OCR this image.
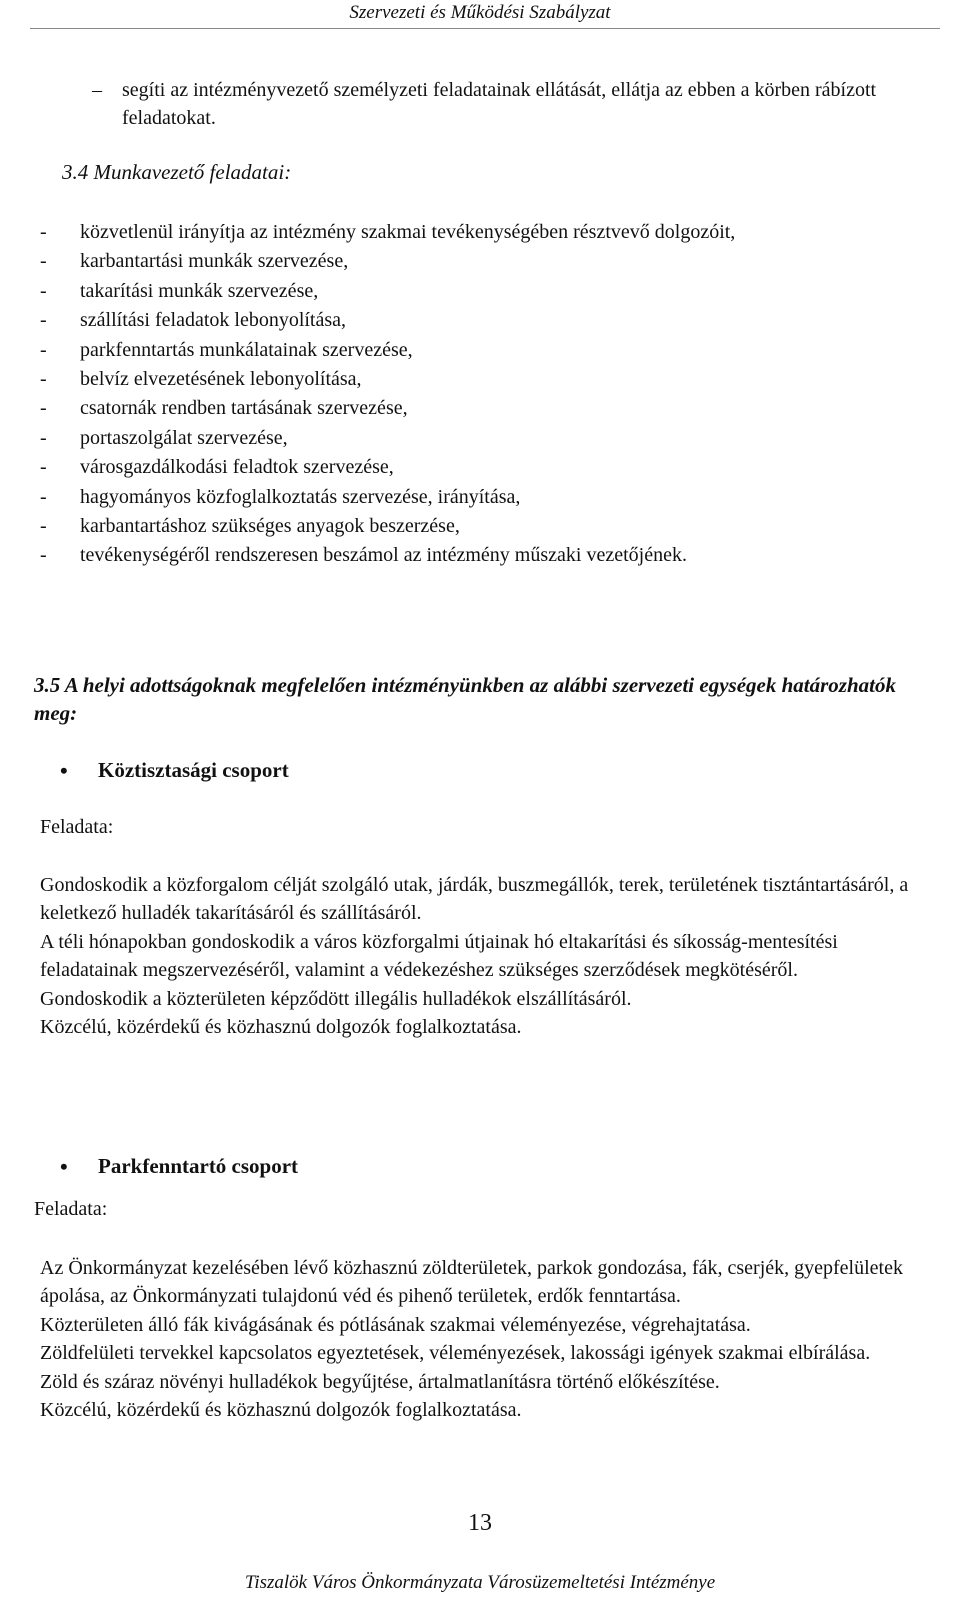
Szervezeti és Működési Szabályzat
– segíti az intézményvezető személyzeti feladatainak ellátását, ellátja az ebben a körben rábízott feladatokat.
3.4 Munkavezető feladatai:
- közvetlenül irányítja az intézmény szakmai tevékenységében résztvevő dolgozóit,
- karbantartási munkák szervezése,
- takarítási munkák szervezése,
- szállítási feladatok lebonyolítása,
- parkfenntartás munkálatainak szervezése,
- belvíz elvezetésének lebonyolítása,
- csatornák rendben tartásának szervezése,
- portaszolgálat szervezése,
- városgazdálkodási feladtok szervezése,
- hagyományos közfoglalkoztatás szervezése, irányítása,
- karbantartáshoz szükséges anyagok beszerzése,
- tevékenységéről rendszeresen beszámol az intézmény műszaki vezetőjének.
3.5 A helyi adottságoknak megfelelően intézményünkben az alábbi szervezeti egységek határozhatók meg:
• Köztisztasági csoport
Feladata:

Gondoskodik a közforgalom célját szolgáló utak, járdák, buszmegállók, terek, területének tisztántartásáról, a keletkező hulladék takarításáról és szállításáról.

A téli hónapokban gondoskodik a város közforgalmi útjainak hó eltakarítási és síkosság-mentesítési feladatainak megszervezéséről, valamint a védekezéshez szükséges szerződések megkötéséről.

Gondoskodik a közterületen képződött illegális hulladékok elszállításáról.

Közcélú, közérdekű és közhasznú dolgozók foglalkoztatása.

• Parkfenntartó csoport
Feladata:

Az Önkormányzat kezelésében lévő közhasznú zöldterületek, parkok gondozása, fák, cserjék, gyepfelületek ápolása, az Önkormányzati tulajdonú véd és pihenő területek, erdők fenntartása.

Közterületen álló fák kivágásának és pótlásának szakmai véleményezése, végrehajtatása.

Zöldfelületi tervekkel kapcsolatos egyeztetések, véleményezések, lakossági igények szakmai elbírálása.

Zöld és száraz növényi hulladékok begyűjtése, ártalmatlanításra történő előkészítése.

Közcélú, közérdekű és közhasznú dolgozók foglalkoztatása.

13
Tiszalök Város Önkormányzata Városüzemeltetési Intézménye
